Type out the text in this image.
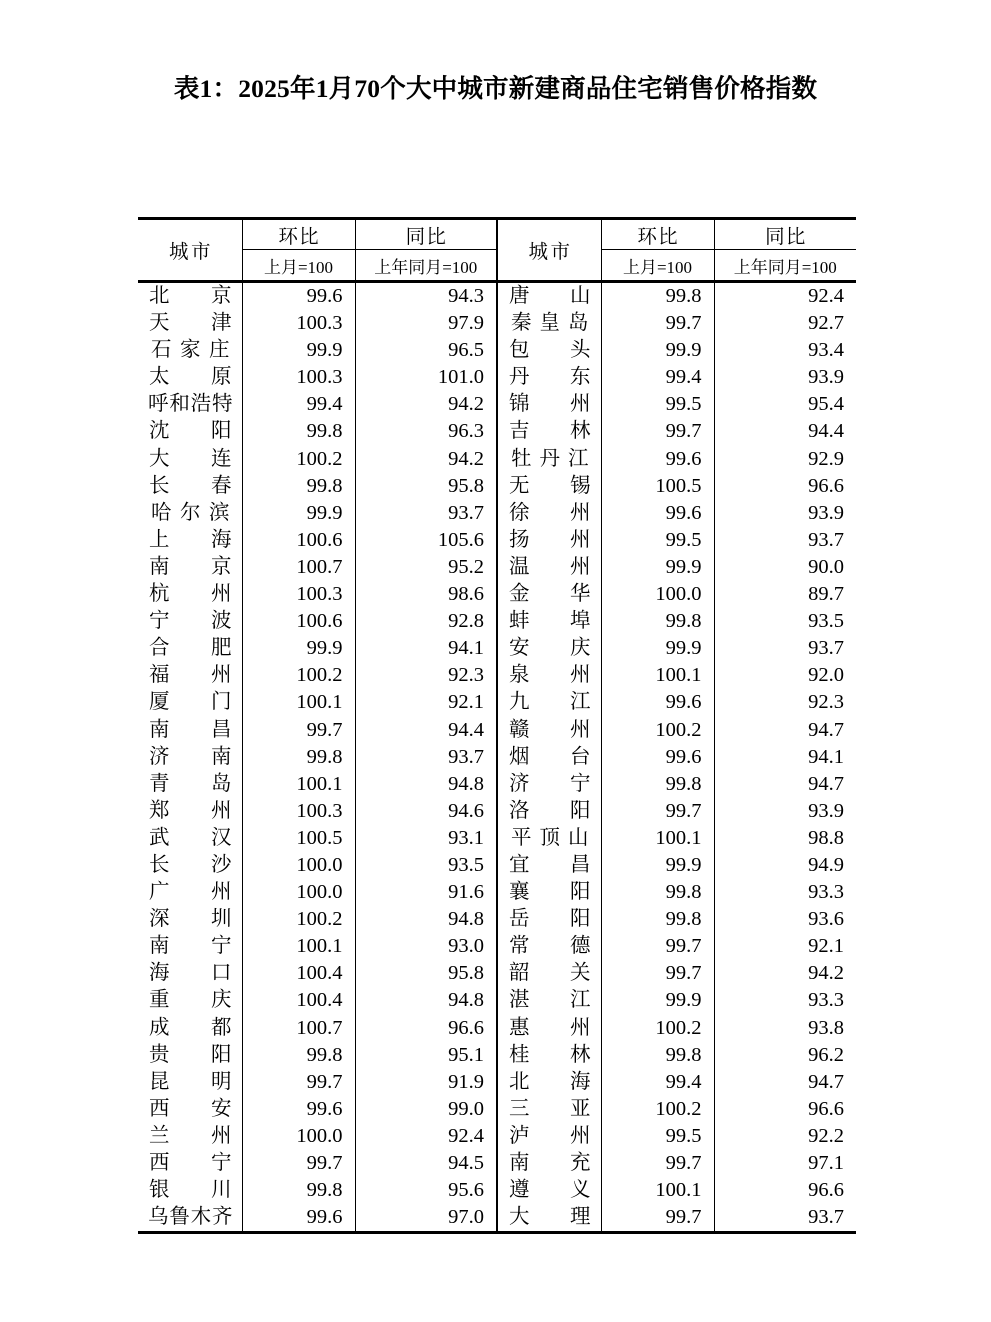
表1：2025年1月70个大中城市新建商品住宅销售价格指数
城市	环比	同比	城市	环比	同比
	上月=100	上年同月=100		上月=100	上年同月=100

北 京	99.6	94.3	唐 山	99.8	92.4

天 津	100.3	97.9	秦 皇 岛	99.7	92.7

石 家 庄	99.9	96.5	包 头	99.9	93.4

太 原	100.3	101.0	丹 东	99.4	93.9

呼 和 浩 特	99.4	94.2	锦 州	99.5	95.4

沈 阳	99.8	96.3	吉 林	99.7	94.4

大 连	100.2	94.2	牡 丹 江	99.6	92.9

长 春	99.8	95.8	无 锡	100.5	96.6

哈 尔 滨	99.9	93.7	徐 州	99.6	93.9

上 海	100.6	105.6	扬 州	99.5	93.7

南 京	100.7	95.2	温 州	99.9	90.0

杭 州	100.3	98.6	金 华	100.0	89.7

宁 波	100.6	92.8	蚌 埠	99.8	93.5

合 肥	99.9	94.1	安 庆	99.9	93.7

福 州	100.2	92.3	泉 州	100.1	92.0

厦 门	100.1	92.1	九 江	99.6	92.3

南 昌	99.7	94.4	赣 州	100.2	94.7

济 南	99.8	93.7	烟 台	99.6	94.1

青 岛	100.1	94.8	济 宁	99.8	94.7

郑 州	100.3	94.6	洛 阳	99.7	93.9

武 汉	100.5	93.1	平 顶 山	100.1	98.8

长 沙	100.0	93.5	宜 昌	99.9	94.9

广 州	100.0	91.6	襄 阳	99.8	93.3

深 圳	100.2	94.8	岳 阳	99.8	93.6

南 宁	100.1	93.0	常 德	99.7	92.1

海 口	100.4	95.8	韶 关	99.7	94.2

重 庆	100.4	94.8	湛 江	99.9	93.3

成 都	100.7	96.6	惠 州	100.2	93.8

贵 阳	99.8	95.1	桂 林	99.8	96.2

昆 明	99.7	91.9	北 海	99.4	94.7

西 安	99.6	99.0	三 亚	100.2	96.6

兰 州	100.0	92.4	泸 州	99.5	92.2

西 宁	99.7	94.5	南 充	99.7	97.1

银 川	99.8	95.6	遵 义	100.1	96.6

乌 鲁 木 齐	99.6	97.0	大 理	99.7	93.7
